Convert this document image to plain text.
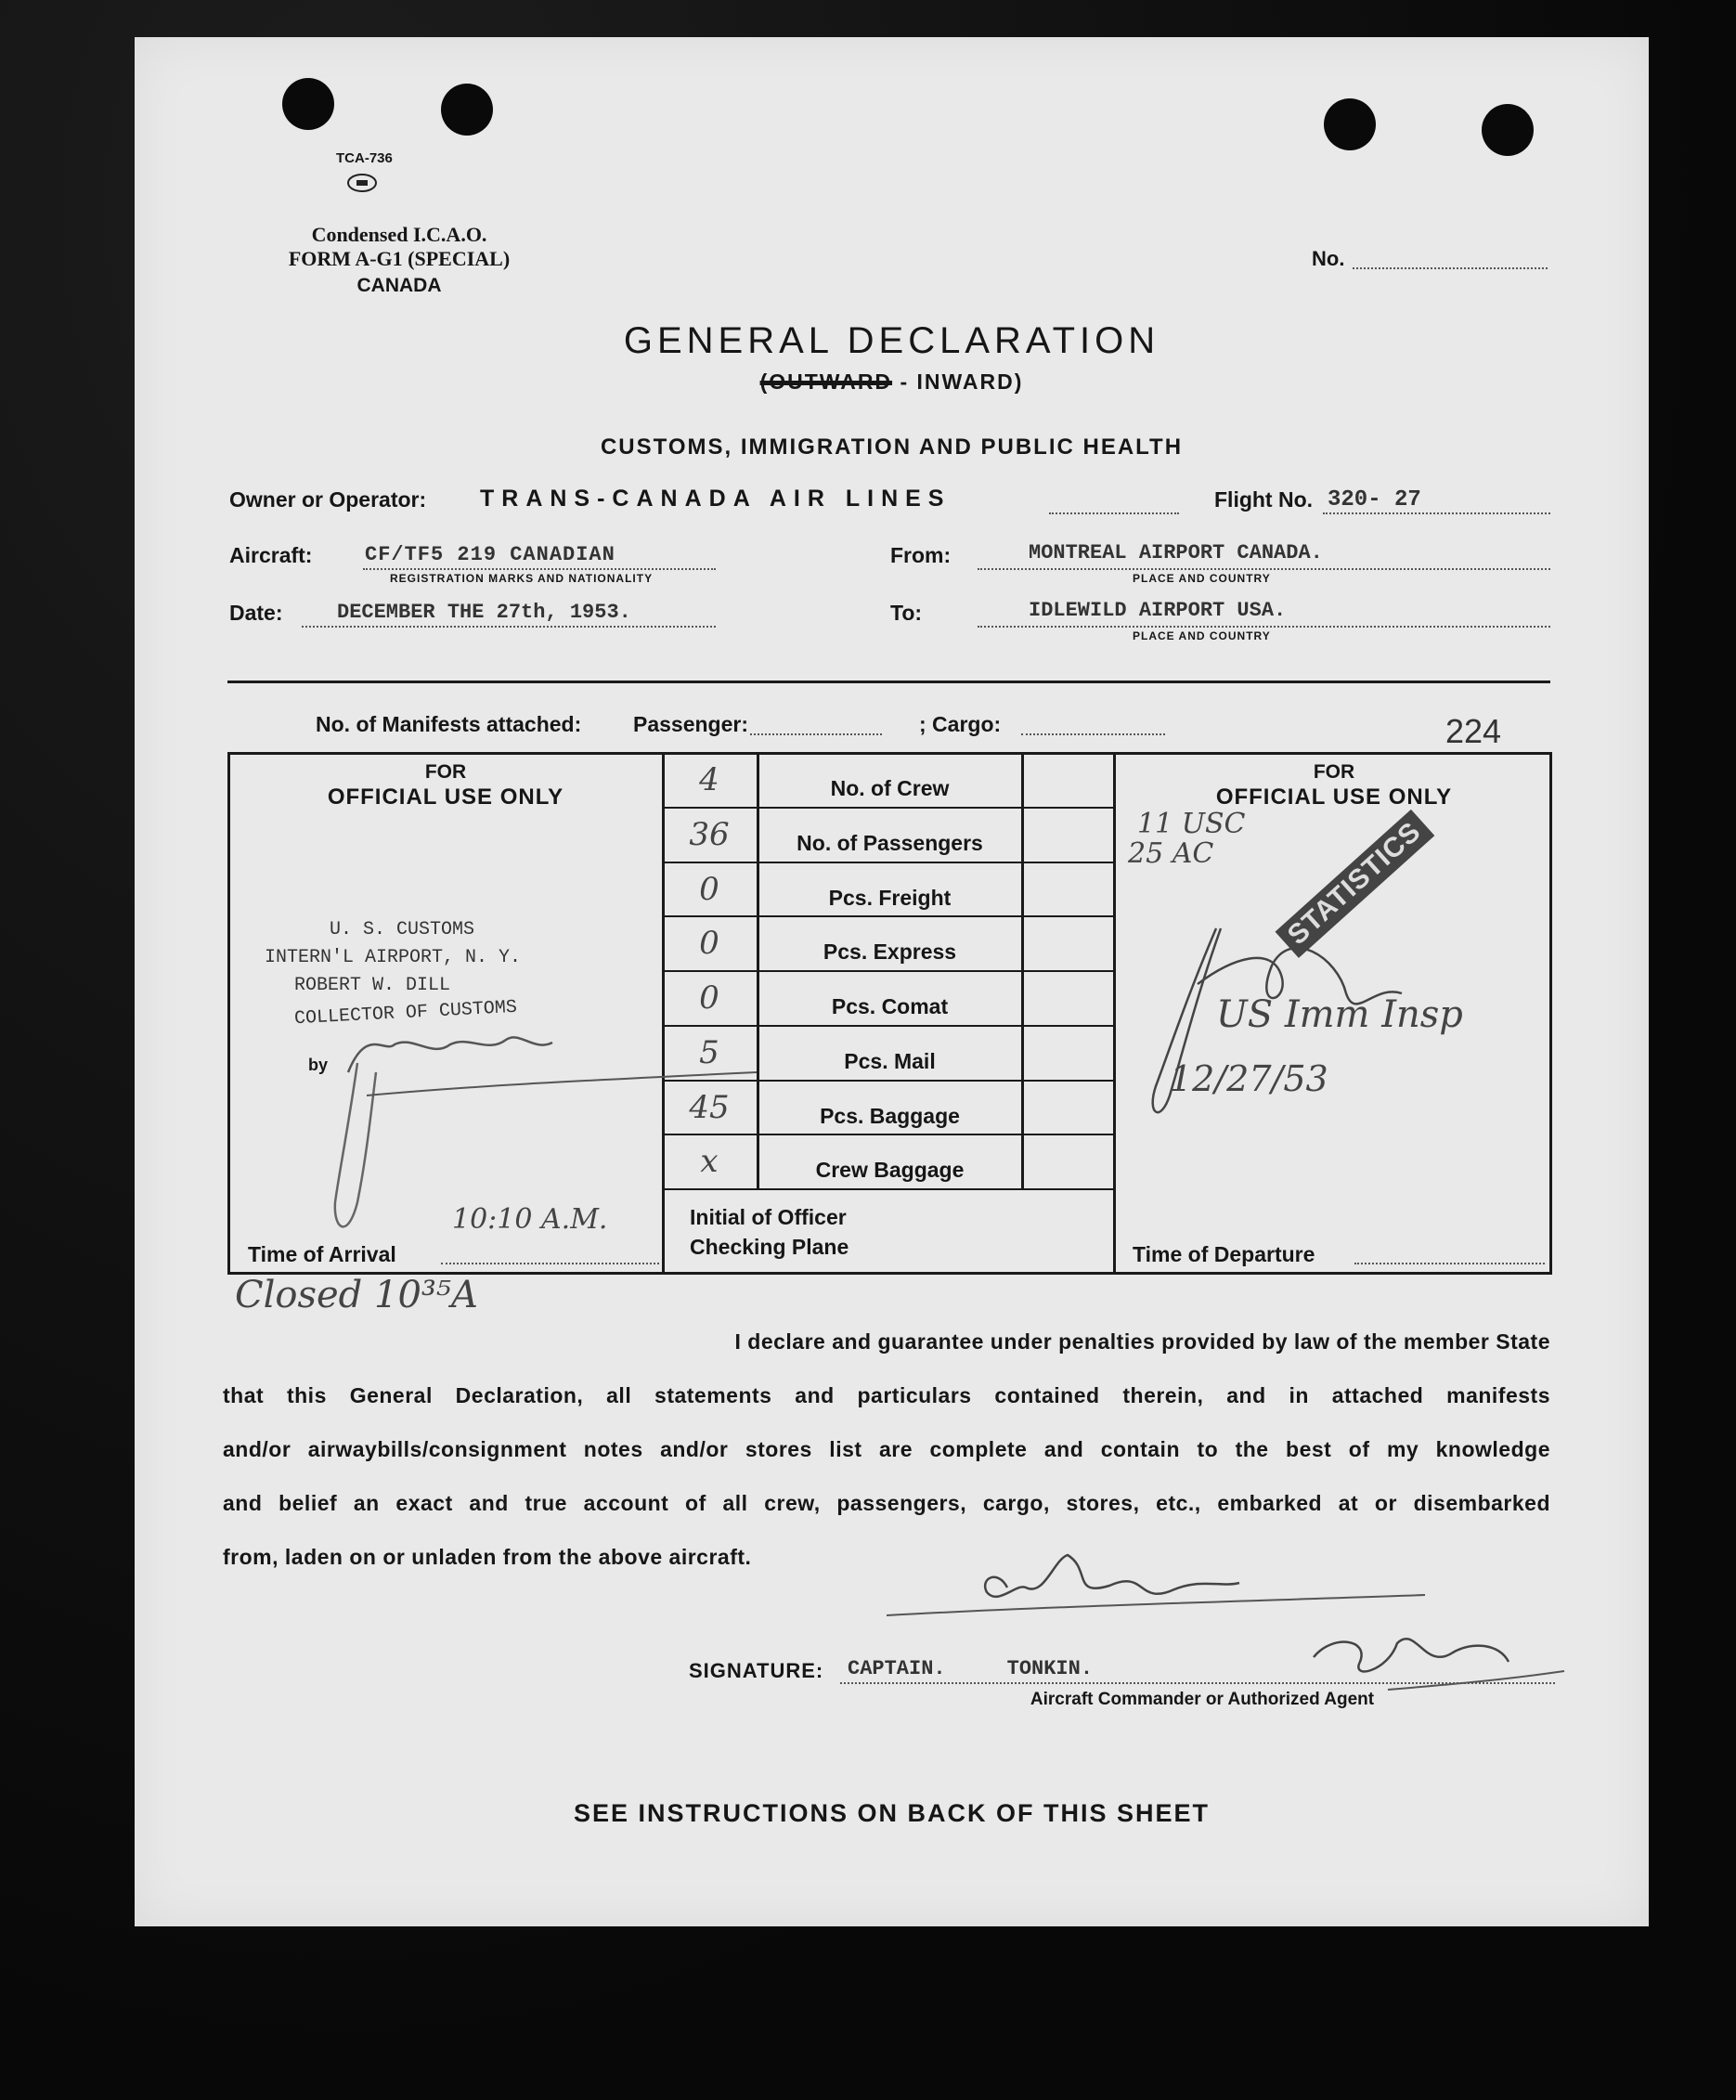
TCA-736
Condensed I.C.A.O.
FORM A-G1 (SPECIAL)
CANADA
No.
GENERAL DECLARATION
(OUTWARD - INWARD)
CUSTOMS, IMMIGRATION AND PUBLIC HEALTH
Owner or Operator: TRANS-CANADA AIR LINES	Flight No. 320- 27
Aircraft:	CF/TF5 219 CANADIAN
REGISTRATION MARKS AND NATIONALITY
From:	MONTREAL AIRPORT CANADA.
PLACE AND COUNTRY
Date:	DECEMBER THE 27th, 1953.	To:	IDLEWILD AIRPORT USA.
PLACE AND COUNTRY
No. of Manifests attached: Passenger:	; Cargo:	224
FOR
OFFICIAL USE ONLY
U. S. CUSTOMS
INTERN'L AIRPORT, N. Y.
ROBERT W. DILL
COLLECTOR OF CUSTOMS
by
Time of Arrival
10:10 A.M.
4	No. of Crew
36	No. of Passengers
0	Pcs. Freight
0	Pcs. Express
0	Pcs. Comat
5	Pcs. Mail
45	Pcs. Baggage
x	Crew Baggage
Initial of Officer
Checking Plane
FOR
OFFICIAL USE ONLY
11 USC
25 AC STATISTICS
US Imm Insp
12/27/53
Time of Departure
Closed 10³⁵A
I declare and guarantee under penalties provided by law of the member State
that this General Declaration, all statements and particulars contained therein, and in attached manifests
and/or airwaybills/consignment notes and/or stores list are complete and contain to the best of my knowledge
and belief an exact and true account of all crew, passengers, cargo, stores, etc., embarked at or disembarked
from, laden on or unladen from the above aircraft.
SIGNATURE: CAPTAIN.     TONKIN.
Aircraft Commander or Authorized Agent
SEE INSTRUCTIONS ON BACK OF THIS SHEET
